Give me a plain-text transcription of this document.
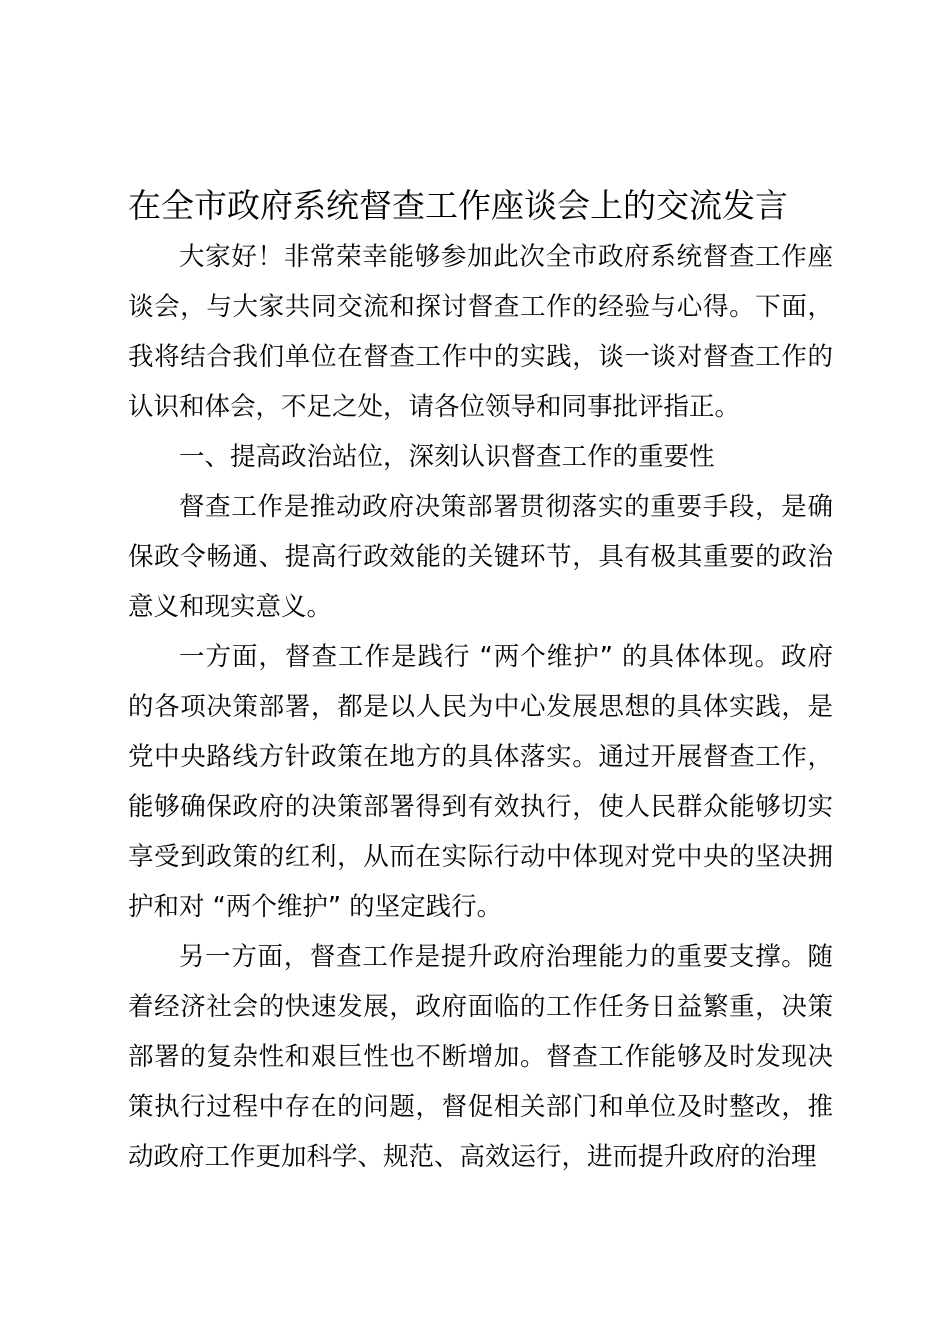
在全市政府系统督查工作座谈会上的交流发言

大家好！非常荣幸能够参加此次全市政府系统督查工作座谈会，与大家共同交流和探讨督查工作的经验与心得。下面，我将结合我们单位在督查工作中的实践，谈一谈对督查工作的认识和体会，不足之处，请各位领导和同事批评指正。

一、提高政治站位，深刻认识督查工作的重要性

督查工作是推动政府决策部署贯彻落实的重要手段，是确保政令畅通、提高行政效能的关键环节，具有极其重要的政治意义和现实意义。

一方面，督查工作是践行 “两个维护” 的具体体现。政府的各项决策部署，都是以人民为中心发展思想的具体实践，是党中央路线方针政策在地方的具体落实。通过开展督查工作，能够确保政府的决策部署得到有效执行，使人民群众能够切实享受到政策的红利，从而在实际行动中体现对党中央的坚决拥护和对 “两个维护” 的坚定践行。

另一方面，督查工作是提升政府治理能力的重要支撑。随着经济社会的快速发展，政府面临的工作任务日益繁重，决策部署的复杂性和艰巨性也不断增加。督查工作能够及时发现决策执行过程中存在的问题，督促相关部门和单位及时整改，推动政府工作更加科学、规范、高效运行，进而提升政府的治理
